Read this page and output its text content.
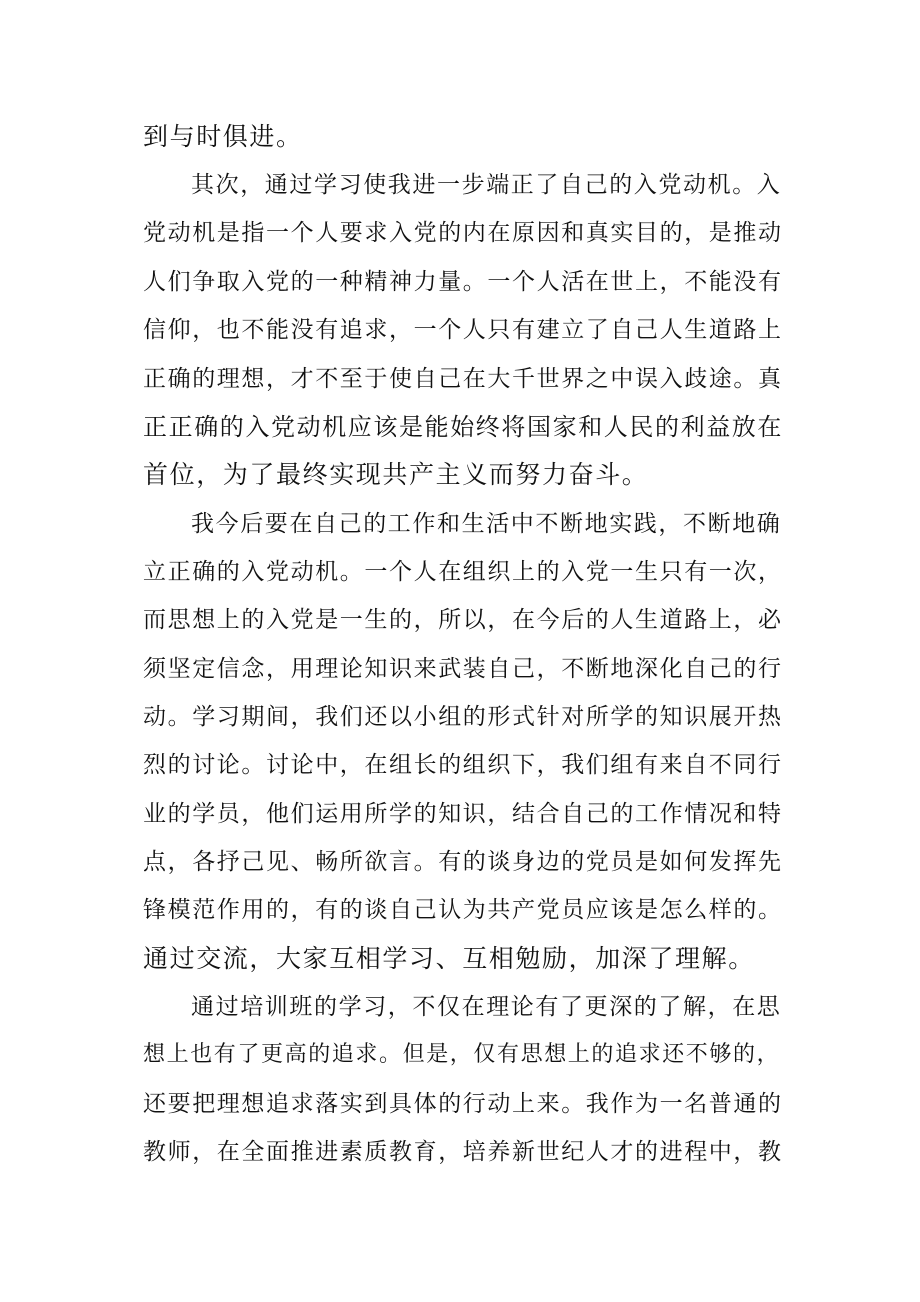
到与时俱进。
其次，通过学习使我进一步端正了自己的入党动机。入
党动机是指一个人要求入党的内在原因和真实目的，是推动
人们争取入党的一种精神力量。一个人活在世上，不能没有
信仰，也不能没有追求，一个人只有建立了自己人生道路上
正确的理想，才不至于使自己在大千世界之中误入歧途。真
正正确的入党动机应该是能始终将国家和人民的利益放在
首位，为了最终实现共产主义而努力奋斗。
我今后要在自己的工作和生活中不断地实践，不断地确
立正确的入党动机。一个人在组织上的入党一生只有一次，
而思想上的入党是一生的，所以，在今后的人生道路上，必
须坚定信念，用理论知识来武装自己，不断地深化自己的行
动。学习期间，我们还以小组的形式针对所学的知识展开热
烈的讨论。讨论中，在组长的组织下，我们组有来自不同行
业的学员，他们运用所学的知识，结合自己的工作情况和特
点，各抒己见、畅所欲言。有的谈身边的党员是如何发挥先
锋模范作用的，有的谈自己认为共产党员应该是怎么样的。
通过交流，大家互相学习、互相勉励，加深了理解。
通过培训班的学习，不仅在理论有了更深的了解，在思
想上也有了更高的追求。但是，仅有思想上的追求还不够的，
还要把理想追求落实到具体的行动上来。我作为一名普通的
教师，在全面推进素质教育，培养新世纪人才的进程中，教
